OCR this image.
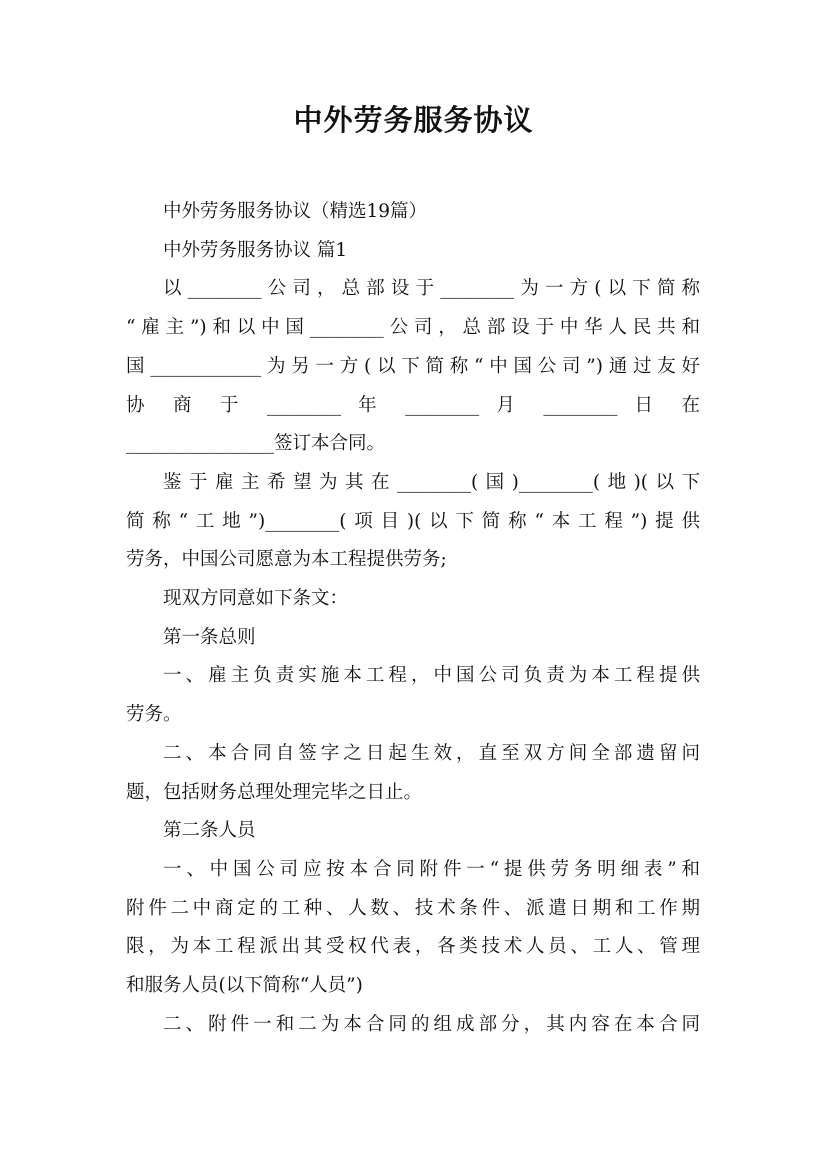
中外劳务服务协议
中外劳务服务协议（精选19篇）
中外劳务服务协议 篇1
以________公司，总部设于________为一方(以下简称
“雇主”)和以中国________公司，总部设于中华人民共和
国____________为另一方(以下简称“中国公司”)通过友好
协 商 于 ________ 年 ________ 月 ________ 日 在
________________签订本合同。
鉴于雇主希望为其在________(国)________(地)(以下
简称“工地”)________(项目)(以下简称“本工程”)提供
劳务，中国公司愿意为本工程提供劳务;
现双方同意如下条文：
第一条总则
一、雇主负责实施本工程，中国公司负责为本工程提供
劳务。
二、本合同自签字之日起生效，直至双方间全部遗留问
题，包括财务总理处理完毕之日止。
第二条人员
一、中国公司应按本合同附件一“提供劳务明细表”和
附件二中商定的工种、人数、技术条件、派遣日期和工作期
限，为本工程派出其受权代表，各类技术人员、工人、管理
和服务人员(以下简称“人员”)
二、附件一和二为本合同的组成部分，其内容在本合同
